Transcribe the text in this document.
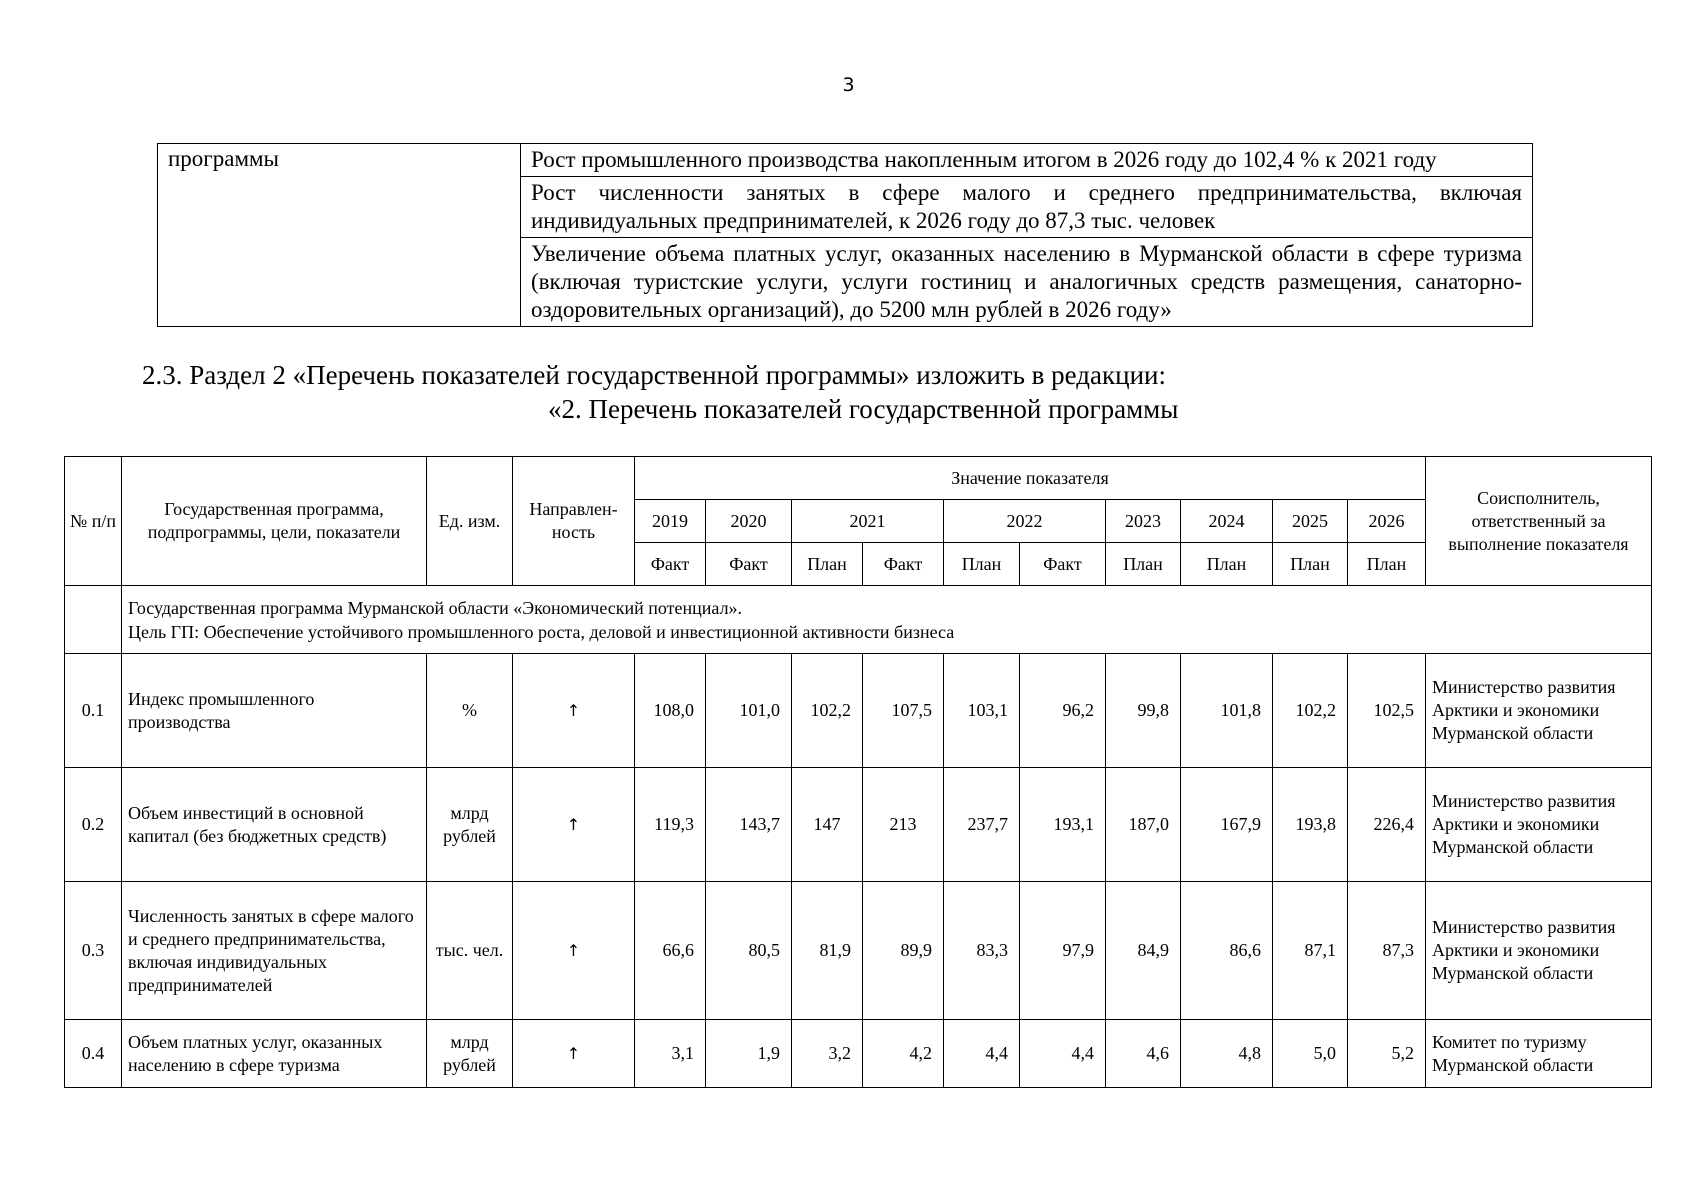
3
программы	Рост промышленного производства накопленным итогом в 2026 году до 102,4 % к 2021 году
Рост численности занятых в сфере малого и среднего предпринимательства, включая индивидуальных предпринимателей, к 2026 году до 87,3 тыс. человек
Увеличение объема платных услуг, оказанных населению в Мурманской области в сфере туризма (включая туристские услуги, услуги гостиниц и аналогичных средств размещения, санаторно-оздоровительных организаций), до 5200 млн рублей в 2026 году»
2.3. Раздел 2 «Перечень показателей государственной программы» изложить в редакции:
«2. Перечень показателей государственной программы
№ п/п	Государственная программа, подпрограммы, цели, показатели	Ед. изм.	Направлен-ность	Значение показателя										Соисполнитель, ответственный за выполнение показателя
				2019	2020	2021		2022		2023	2024	2025	2026	
				Факт	Факт	План	Факт	План	Факт	План	План	План	План	

	Государственная программа Мурманской области «Экономический потенциал».
Цель ГП: Обеспечение устойчивого промышленного роста, деловой и инвестиционной активности бизнеса													

0.1	Индекс промышленного производства	%	↑	108,0	101,0	102,2	107,5	103,1	96,2	99,8	101,8	102,2	102,5	Министерство развития Арктики и экономики Мурманской области
0.2	Объем инвестиций в основной капитал (без бюджетных средств)	млрд рублей	↑	119,3	143,7	147	213	237,7	193,1	187,0	167,9	193,8	226,4	Министерство развития Арктики и экономики Мурманской области
0.3	Численность занятых в сфере малого и среднего предпринимательства, включая индивидуальных предпринимателей	тыс. чел.	↑	66,6	80,5	81,9	89,9	83,3	97,9	84,9	86,6	87,1	87,3	Министерство развития Арктики и экономики Мурманской области
0.4	Объем платных услуг, оказанных населению в сфере туризма	млрд рублей	↑	3,1	1,9	3,2	4,2	4,4	4,4	4,6	4,8	5,0	5,2	Комитет по туризму Мурманской области
